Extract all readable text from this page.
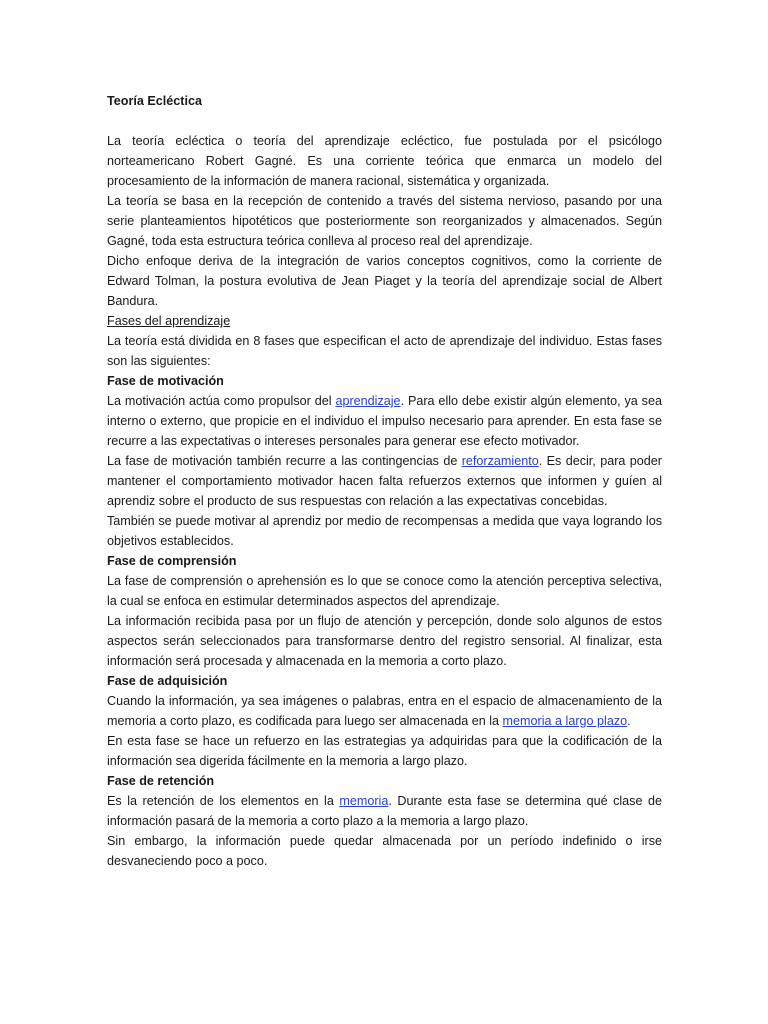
Teoría Ecléctica

La teoría ecléctica o teoría del aprendizaje ecléctico, fue postulada por el psicólogo norteamericano Robert Gagné. Es una corriente teórica que enmarca un modelo del procesamiento de la información de manera racional, sistemática y organizada.

La teoría se basa en la recepción de contenido a través del sistema nervioso, pasando por una serie planteamientos hipotéticos que posteriormente son reorganizados y almacenados. Según Gagné, toda esta estructura teórica conlleva al proceso real del aprendizaje.

Dicho enfoque deriva de la integración de varios conceptos cognitivos, como la corriente de Edward Tolman, la postura evolutiva de Jean Piaget y la teoría del aprendizaje social de Albert Bandura.

Fases del aprendizaje

La teoría está dividida en 8 fases que especifican el acto de aprendizaje del individuo. Estas fases son las siguientes:

Fase de motivación

La motivación actúa como propulsor del aprendizaje. Para ello debe existir algún elemento, ya sea interno o externo, que propicie en el individuo el impulso necesario para aprender. En esta fase se recurre a las expectativas o intereses personales para generar ese efecto motivador.

La fase de motivación también recurre a las contingencias de reforzamiento. Es decir, para poder mantener el comportamiento motivador hacen falta refuerzos externos que informen y guíen al aprendiz sobre el producto de sus respuestas con relación a las expectativas concebidas.

También se puede motivar al aprendiz por medio de recompensas a medida que vaya logrando los objetivos establecidos.

Fase de comprensión

La fase de comprensión o aprehensión es lo que se conoce como la atención perceptiva selectiva, la cual se enfoca en estimular determinados aspectos del aprendizaje.

La información recibida pasa por un flujo de atención y percepción, donde solo algunos de estos aspectos serán seleccionados para transformarse dentro del registro sensorial. Al finalizar, esta información será procesada y almacenada en la memoria a corto plazo.

Fase de adquisición

Cuando la información, ya sea imágenes o palabras, entra en el espacio de almacenamiento de la memoria a corto plazo, es codificada para luego ser almacenada en la memoria a largo plazo.

En esta fase se hace un refuerzo en las estrategias ya adquiridas para que la codificación de la información sea digerida fácilmente en la memoria a largo plazo.

Fase de retención

Es la retención de los elementos en la memoria. Durante esta fase se determina qué clase de información pasará de la memoria a corto plazo a la memoria a largo plazo.

Sin embargo, la información puede quedar almacenada por un período indefinido o irse desvaneciendo poco a poco.
